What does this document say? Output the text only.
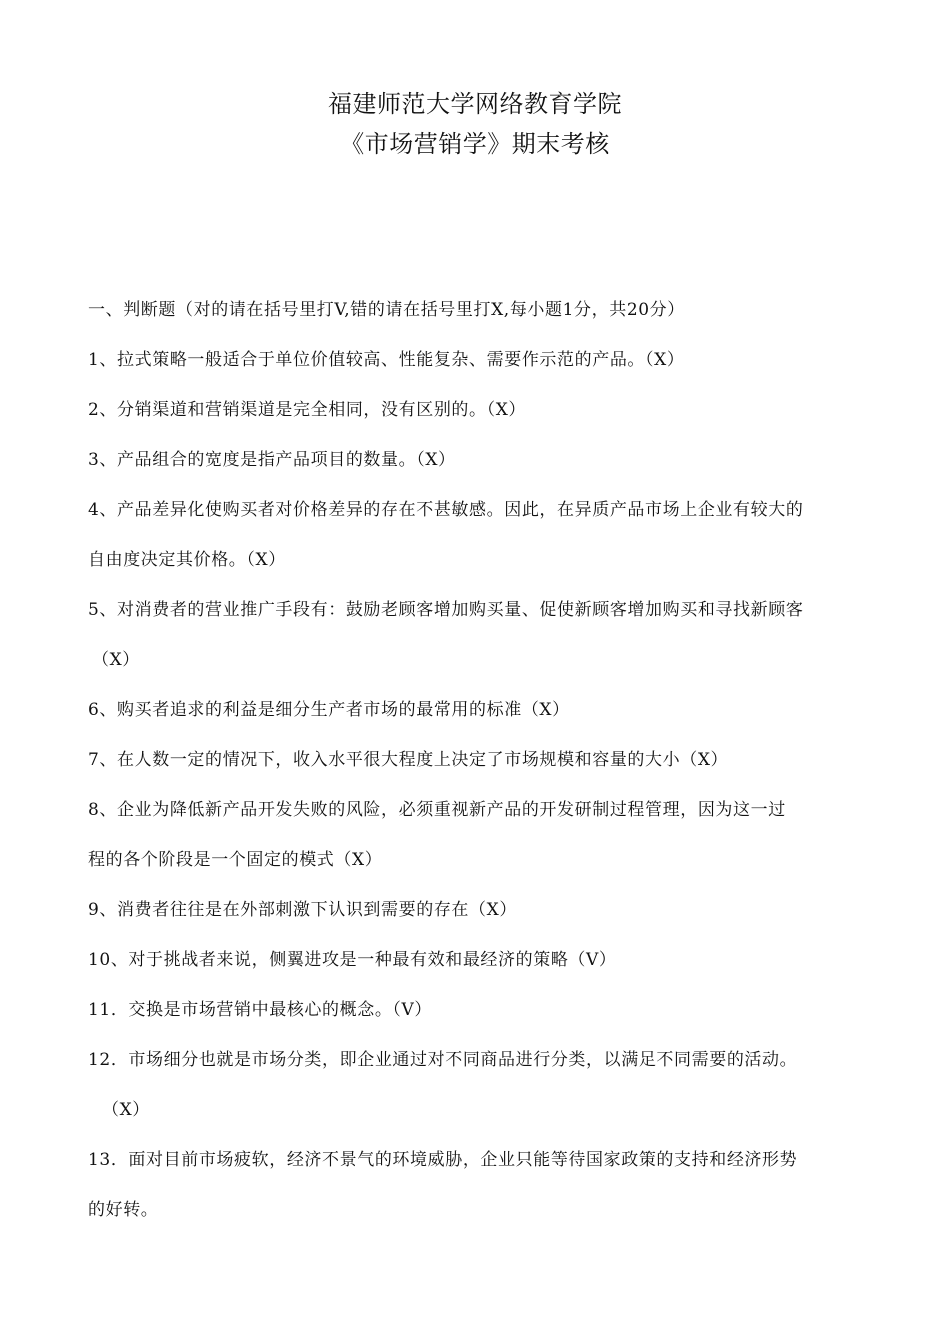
福建师范大学网络教育学院
《市场营销学》期末考核
一、判断题（对的请在括号里打V,错的请在括号里打X,每小题1分，共20分）
1、拉式策略一般适合于单位价值较高、性能复杂、需要作示范的产品。（X）
2、分销渠道和营销渠道是完全相同，没有区别的。（X）
3、产品组合的宽度是指产品项目的数量。（X）
4、产品差异化使购买者对价格差异的存在不甚敏感。因此，在异质产品市场上企业有较大的
自由度决定其价格。（X）
5、对消费者的营业推广手段有：鼓励老顾客增加购买量、促使新顾客增加购买和寻找新顾客
（X）
6、购买者追求的利益是细分生产者市场的最常用的标准（X）
7、在人数一定的情况下，收入水平很大程度上决定了市场规模和容量的大小（X）
8、企业为降低新产品开发失败的风险，必须重视新产品的开发研制过程管理，因为这一过
程的各个阶段是一个固定的模式（X）
9、消费者往往是在外部刺激下认识到需要的存在（X）
10、对于挑战者来说，侧翼进攻是一种最有效和最经济的策略（V）
11．交换是市场营销中最核心的概念。（V）
12．市场细分也就是市场分类，即企业通过对不同商品进行分类，以满足不同需要的活动。
（X）
13．面对目前市场疲软，经济不景气的环境威胁，企业只能等待国家政策的支持和经济形势
的好转。
